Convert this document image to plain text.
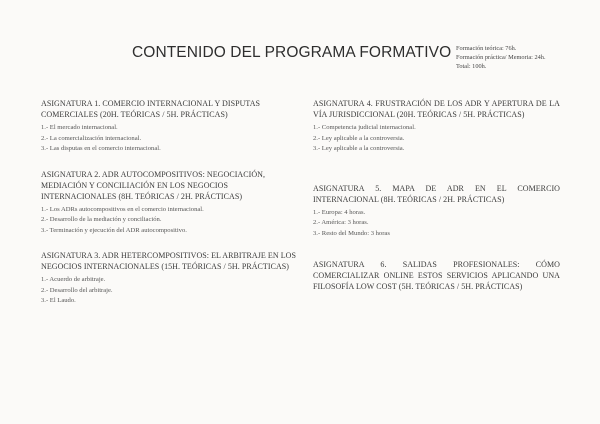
CONTENIDO DEL PROGRAMA FORMATIVO Formación teórica: 76h.
Formación práctica/ Memoria: 24h.
Total: 100h.
ASIGNATURA 1. COMERCIO INTERNACIONAL Y DISPUTAS COMERCIALES (20H. TEÓRICAS / 5H. PRÁCTICAS)
1.- El mercado internacional.
2.- La comercialización internacional.
3.- Las disputas en el comercio internacional.
ASIGNATURA 2. ADR AUTOCOMPOSITIVOS: NEGOCIACIÓN, MEDIACIÓN Y CONCILIACIÓN EN LOS NEGOCIOS INTERNACIONALES (8H. TEÓRICAS / 2H. PRÁCTICAS)
1.- Los ADRs autocompositivos en el comercio internacional.
2.- Desarrollo de la mediación y conciliación.
3.- Terminación y ejecución del ADR autocompositivo.
ASIGNATURA 3. ADR HETERCOMPOSITIVOS: EL ARBITRAJE EN LOS NEGOCIOS INTERNACIONALES (15H. TEÓRICAS / 5H. PRÁCTICAS)
1.- Acuerdo de arbitraje.
2.- Desarrollo del arbitraje.
3.- El Laudo.
ASIGNATURA 4. FRUSTRACIÓN DE LOS ADR Y APERTURA DE LA VÍA JURISDICCIONAL (20H. TEÓRICAS / 5H. PRÁCTICAS)
1.- Competencia judicial internacional.
2.- Ley aplicable a la controversia.
3.- Ley aplicable a la controversia.
ASIGNATURA 5. MAPA DE ADR EN EL COMERCIO INTERNACIONAL (8H. TEÓRICAS / 2H. PRÁCTICAS)
1.- Europa: 4 horas.
2.- América: 3 horas.
3.- Resto del Mundo: 3 horas
ASIGNATURA 6. SALIDAS PROFESIONALES: CÓMO COMERCIALIZAR ONLINE ESTOS SERVICIOS APLICANDO UNA FILOSOFÍA LOW COST (5H. TEÓRICAS / 5H. PRÁCTICAS)
